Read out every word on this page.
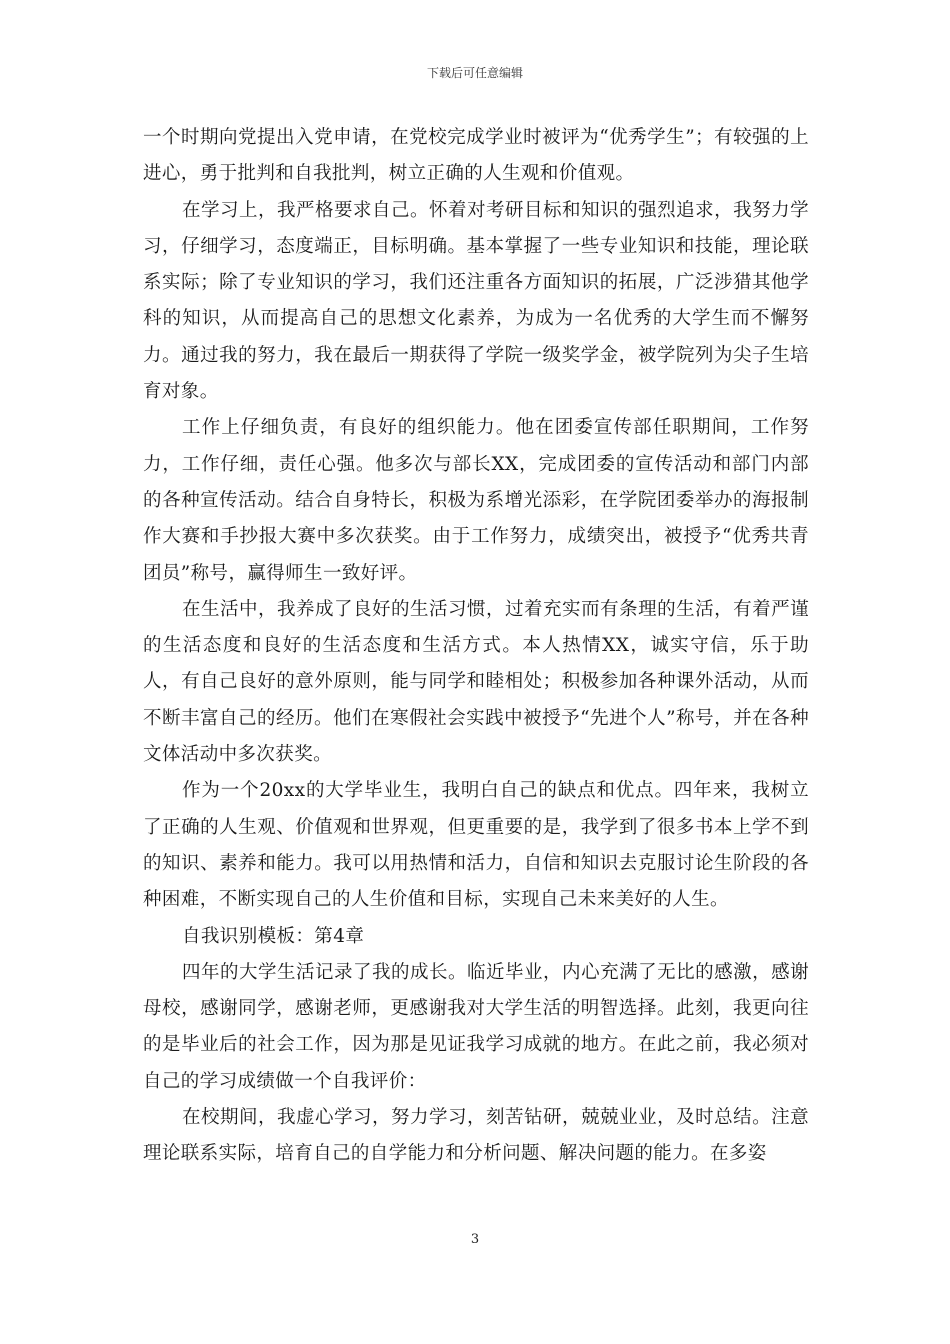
下载后可任意编辑

一个时期向党提出入党申请，在党校完成学业时被评为“优秀学生”；有较强的上进心，勇于批判和自我批判，树立正确的人生观和价值观。

在学习上，我严格要求自己。怀着对考研目标和知识的强烈追求，我努力学习，仔细学习，态度端正，目标明确。基本掌握了一些专业知识和技能，理论联系实际；除了专业知识的学习，我们还注重各方面知识的拓展，广泛涉猎其他学科的知识，从而提高自己的思想文化素养，为成为一名优秀的大学生而不懈努力。通过我的努力，我在最后一期获得了学院一级奖学金，被学院列为尖子生培育对象。

工作上仔细负责，有良好的组织能力。他在团委宣传部任职期间，工作努力，工作仔细，责任心强。他多次与部长XX，完成团委的宣传活动和部门内部的各种宣传活动。结合自身特长，积极为系增光添彩，在学院团委举办的海报制作大赛和手抄报大赛中多次获奖。由于工作努力，成绩突出，被授予“优秀共青团员”称号，赢得师生一致好评。

在生活中，我养成了良好的生活习惯，过着充实而有条理的生活，有着严谨的生活态度和良好的生活态度和生活方式。本人热情XX，诚实守信，乐于助人，有自己良好的意外原则，能与同学和睦相处；积极参加各种课外活动，从而不断丰富自己的经历。他们在寒假社会实践中被授予“先进个人”称号，并在各种文体活动中多次获奖。

作为一个20xx的大学毕业生，我明白自己的缺点和优点。四年来，我树立了正确的人生观、价值观和世界观，但更重要的是，我学到了很多书本上学不到的知识、素养和能力。我可以用热情和活力，自信和知识去克服讨论生阶段的各种困难，不断实现自己的人生价值和目标，实现自己未来美好的人生。

自我识别模板：第4章

四年的大学生活记录了我的成长。临近毕业，内心充满了无比的感激，感谢母校，感谢同学，感谢老师，更感谢我对大学生活的明智选择。此刻，我更向往的是毕业后的社会工作，因为那是见证我学习成就的地方。在此之前，我必须对自己的学习成绩做一个自我评价：

在校期间，我虚心学习，努力学习，刻苦钻研，兢兢业业，及时总结。注意理论联系实际，培育自己的自学能力和分析问题、解决问题的能力。在多姿

3
